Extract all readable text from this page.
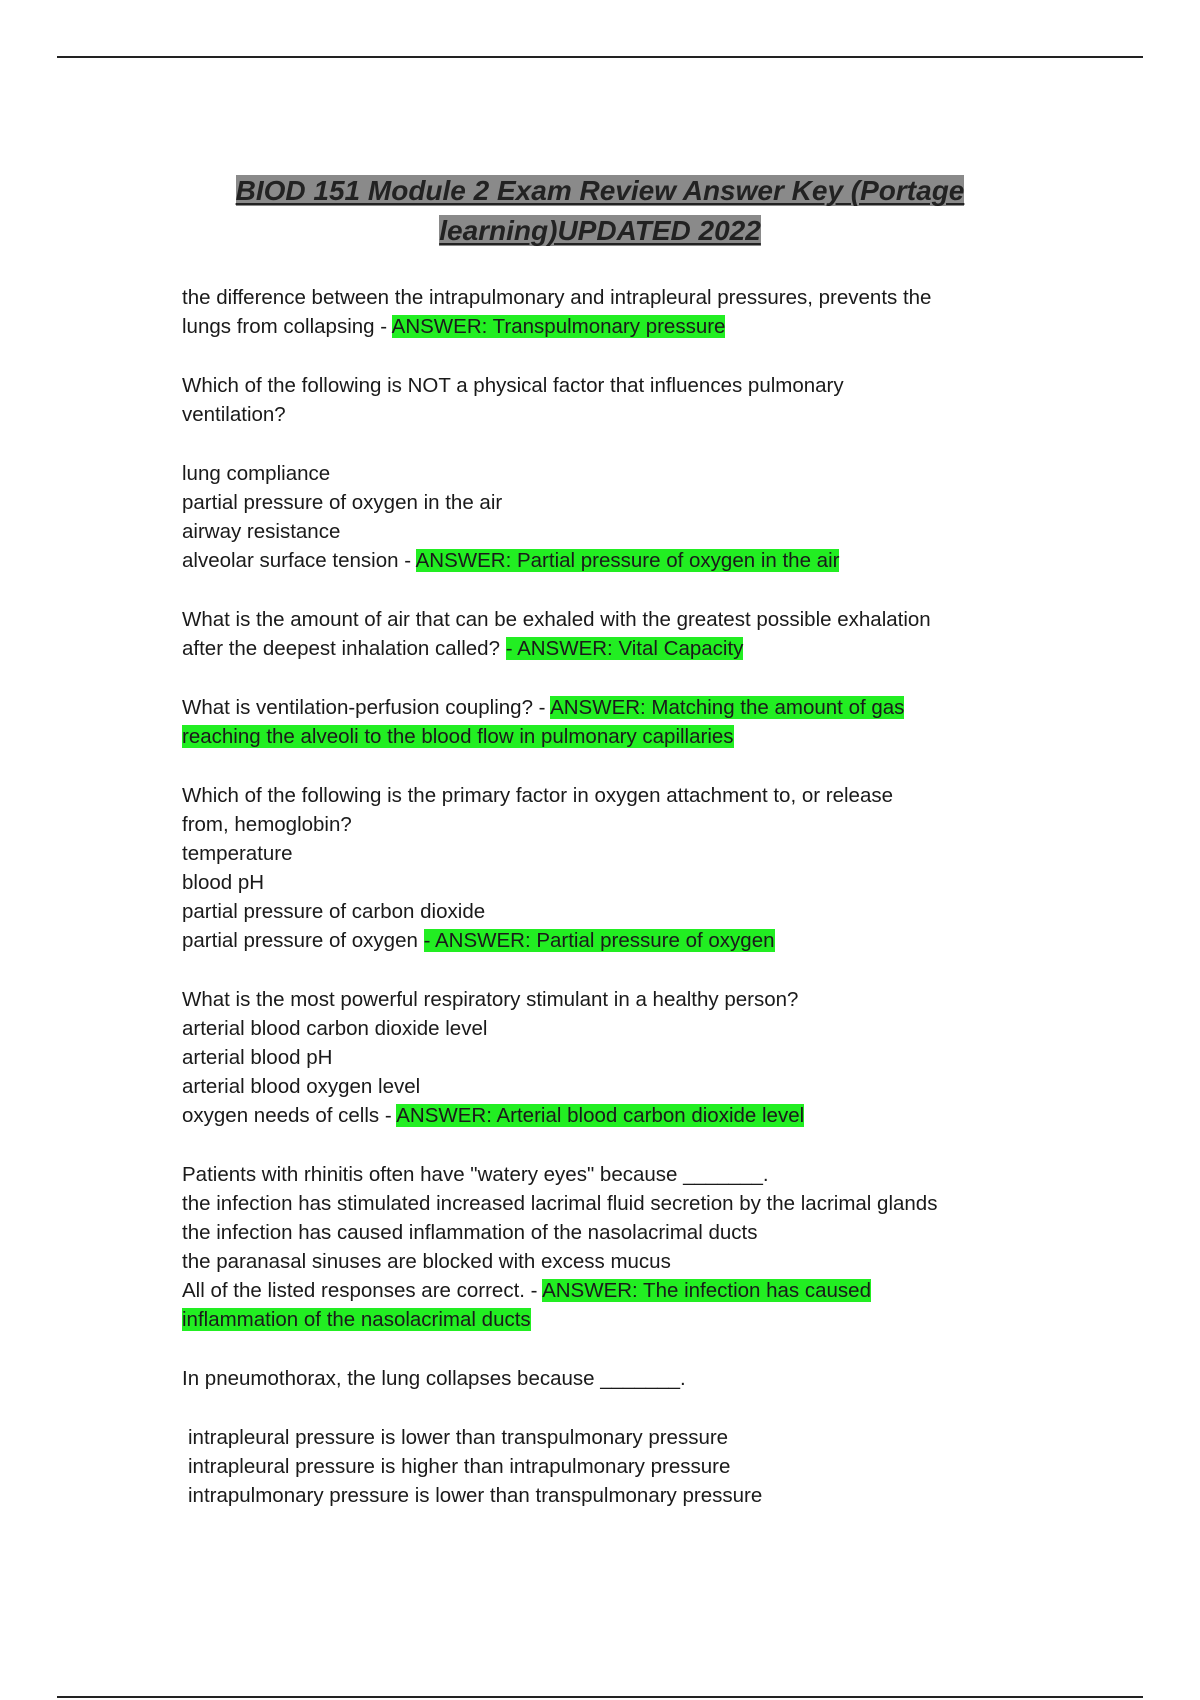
BIOD 151 Module 2 Exam Review Answer Key (Portage
learning)UPDATED 2022
the difference between the intrapulmonary and intrapleural pressures, prevents the
lungs from collapsing - ANSWER: Transpulmonary pressure
Which of the following is NOT a physical factor that influences pulmonary
ventilation?
lung compliance
partial pressure of oxygen in the air
airway resistance
alveolar surface tension - ANSWER: Partial pressure of oxygen in the air
What is the amount of air that can be exhaled with the greatest possible exhalation
after the deepest inhalation called? - ANSWER: Vital Capacity
What is ventilation-perfusion coupling? - ANSWER: Matching the amount of gas
reaching the alveoli to the blood flow in pulmonary capillaries
Which of the following is the primary factor in oxygen attachment to, or release
from, hemoglobin?
temperature
blood pH
partial pressure of carbon dioxide
partial pressure of oxygen - ANSWER: Partial pressure of oxygen
What is the most powerful respiratory stimulant in a healthy person?
arterial blood carbon dioxide level
arterial blood pH
arterial blood oxygen level
oxygen needs of cells - ANSWER: Arterial blood carbon dioxide level
Patients with rhinitis often have "watery eyes" because _______.
the infection has stimulated increased lacrimal fluid secretion by the lacrimal glands
the infection has caused inflammation of the nasolacrimal ducts
the paranasal sinuses are blocked with excess mucus
All of the listed responses are correct. - ANSWER: The infection has caused
inflammation of the nasolacrimal ducts
In pneumothorax, the lung collapses because _______.
intrapleural pressure is lower than transpulmonary pressure
intrapleural pressure is higher than intrapulmonary pressure
intrapulmonary pressure is lower than transpulmonary pressure
